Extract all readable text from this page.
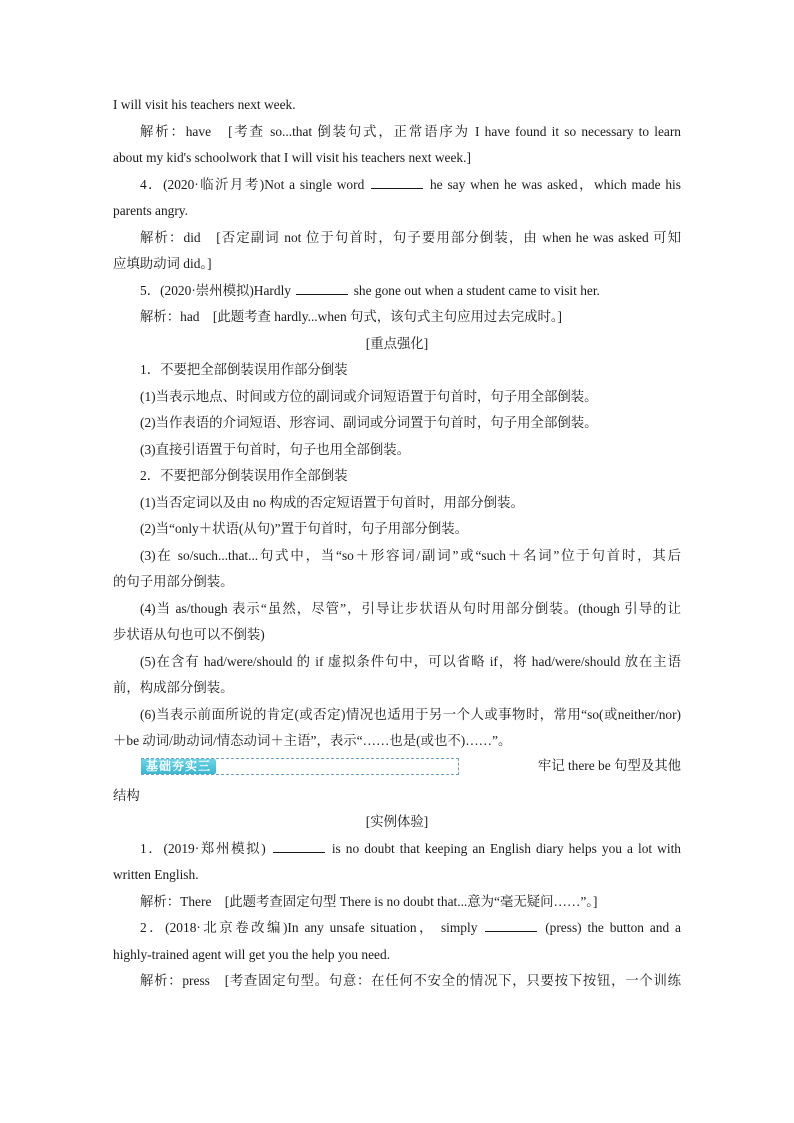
I will visit his teachers next week.
解析：have　[考查 so...that 倒装句式，正常语序为 I have found it so necessary to learn
about my kid's schoolwork that I will visit his teachers next week.]
4．(2020·临沂月考)Not a single word	he say when he was asked，which made his
parents angry.
解析：did　[否定副词 not 位于句首时，句子要用部分倒装，由 when he was asked 可知
应填助动词 did。]
5．(2020·崇州模拟)Hardly	she gone out when a student came to visit her.
解析：had　[此题考查 hardly...when 句式，该句式主句应用过去完成时。]
[重点强化]
1．不要把全部倒装误用作部分倒装
(1)当表示地点、时间或方位的副词或介词短语置于句首时，句子用全部倒装。
(2)当作表语的介词短语、形容词、副词或分词置于句首时，句子用全部倒装。
(3)直接引语置于句首时，句子也用全部倒装。
2．不要把部分倒装误用作全部倒装
(1)当否定词以及由 no 构成的否定短语置于句首时，用部分倒装。
(2)当“only＋状语(从句)”置于句首时，句子用部分倒装。
(3)在 so/such...that...句式中，当“so＋形容词/副词”或“such＋名词”位于句首时，其后
的句子用部分倒装。
(4)当 as/though 表示“虽然，尽管”，引导让步状语从句时用部分倒装。(though 引导的让
步状语从句也可以不倒装)
(5)在含有 had/were/should 的 if 虚拟条件句中，可以省略 if，将 had/were/should 放在主语
前，构成部分倒装。
(6)当表示前面所说的肯定(或否定)情况也适用于另一个人或事物时，常用“so(或neither/nor)
＋be 动词/助动词/情态动词＋主语”，表示“……也是(或也不)……”。
基础夯实三	牢记 there be 句型及其他
结构
[实例体验]
1．(2019·郑州模拟)	is no doubt that keeping an English diary helps you a lot with
written English.
解析：There　[此题考查固定句型 There is no doubt that...意为“毫无疑问……”。]
2．(2018·北京卷改编)In any unsafe situation， simply	(press) the button and a
highly-trained agent will get you the help you need.
解析：press　[考查固定句型。句意：在任何不安全的情况下，只要按下按钮，一个训练
